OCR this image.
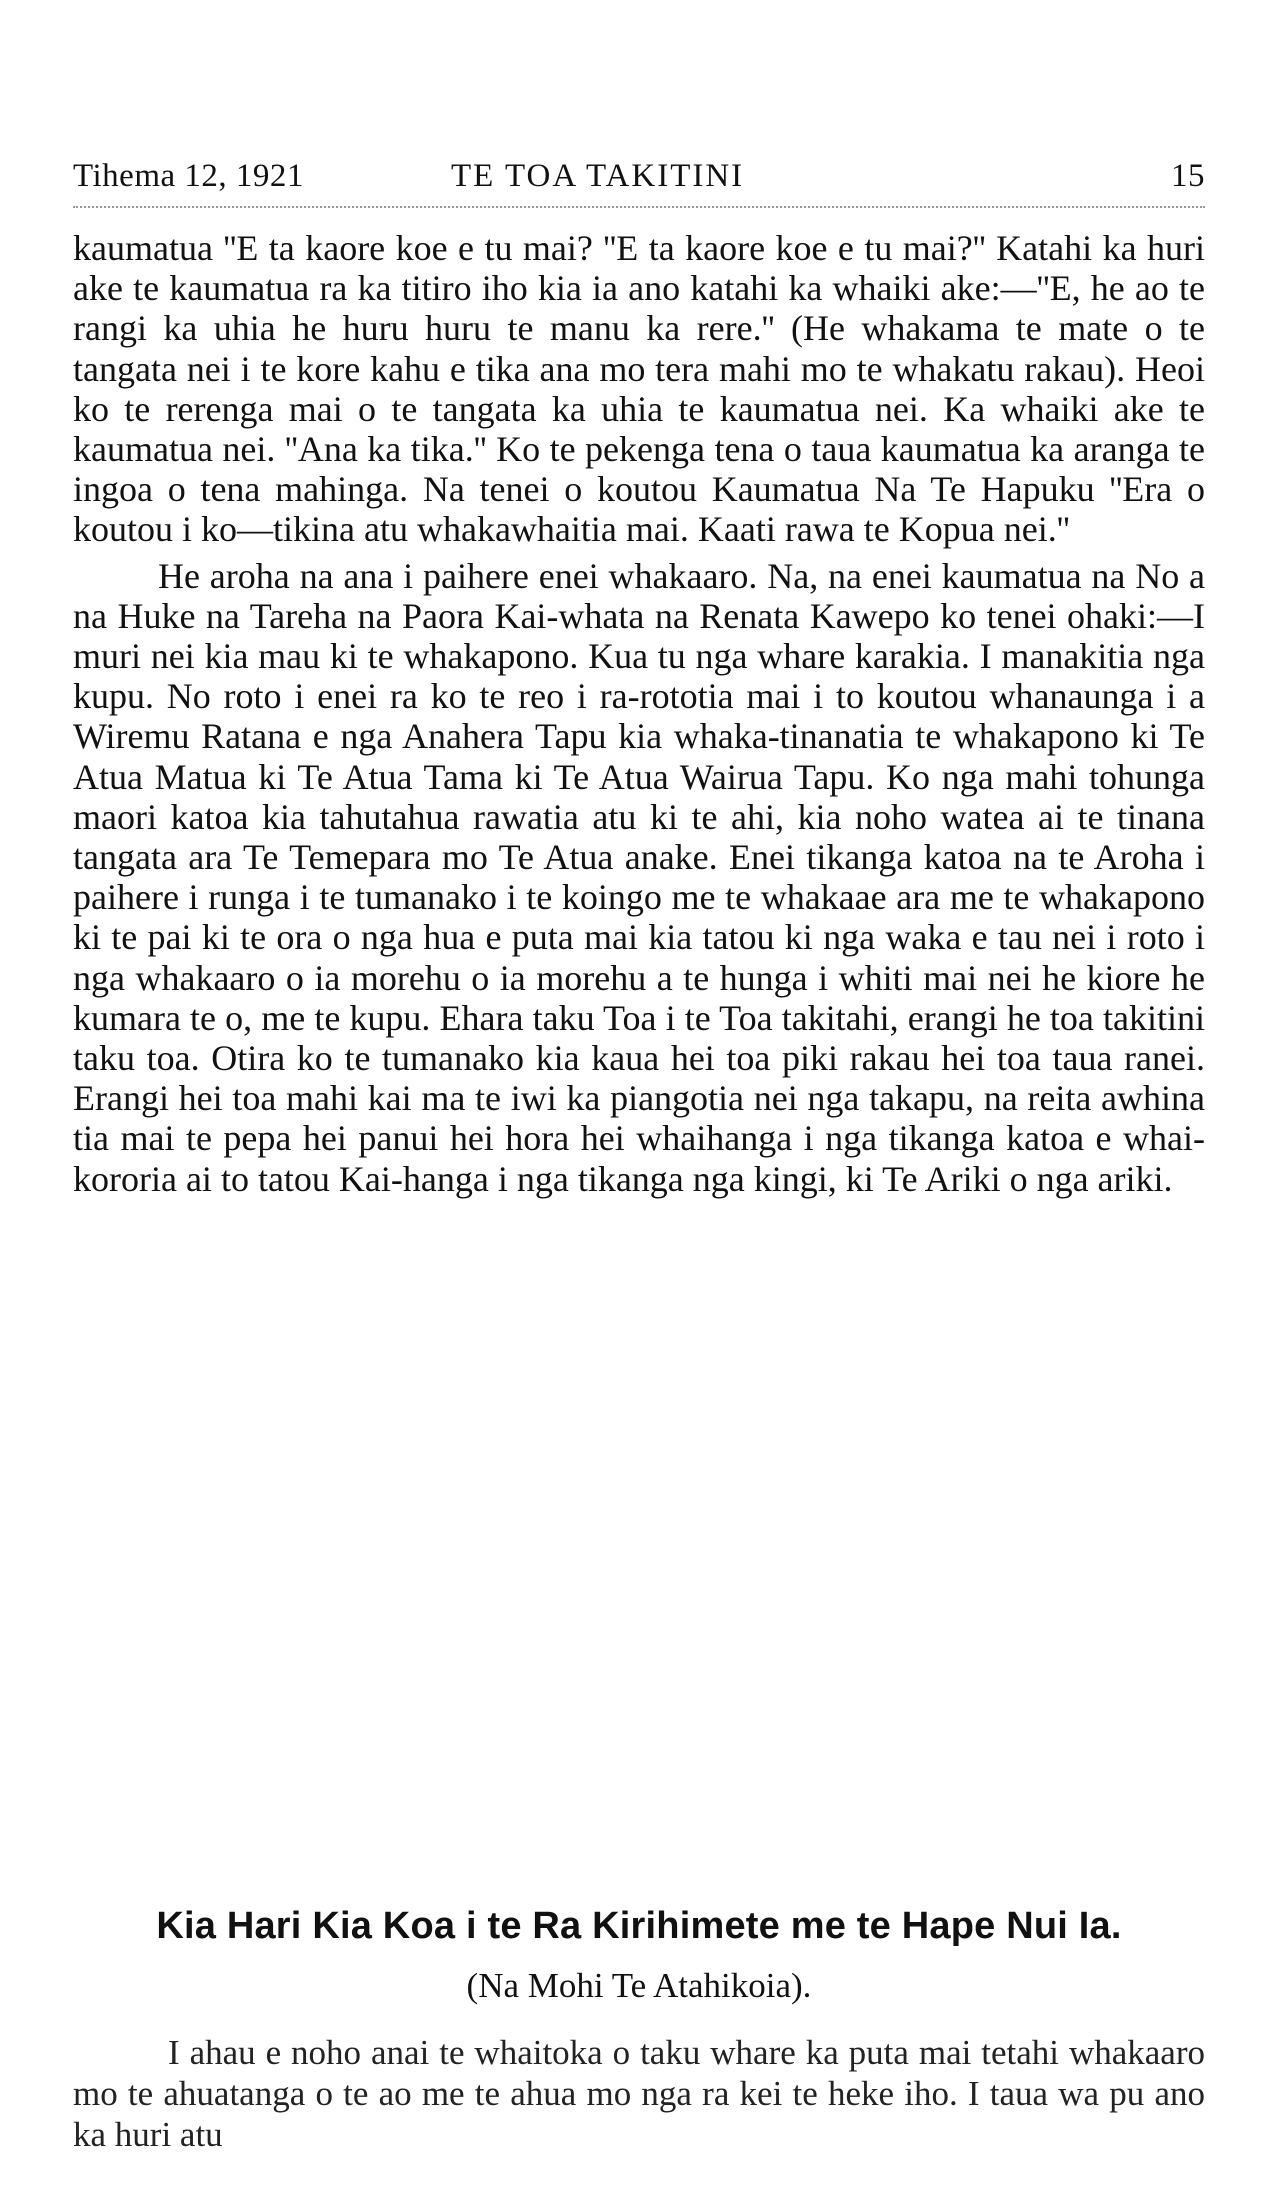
Tihema 12, 1921	TE TOA TAKITINI	15

kaumatua ''E ta kaore koe e tu mai? ''E ta kaore koe e tu mai?'' Katahi ka huri ake te kaumatua ra ka titiro iho kia ia ano katahi ka whaiki ake:—''E, he ao te rangi ka uhia he huru huru te manu ka rere.'' (He whakama te mate o te tangata nei i te kore kahu e tika ana mo tera mahi mo te whakatu rakau). Heoi ko te rerenga mai o te tangata ka uhia te kaumatua nei. Ka whaiki ake te kaumatua nei. ''Ana ka tika.'' Ko te pekenga tena o taua kaumatua ka aranga te ingoa o tena mahinga. Na tenei o koutou Kaumatua Na Te Hapuku ''Era o koutou i ko—tikina atu whakawhaitia mai. Kaati rawa te Kopua nei.''

He aroha na ana i paihere enei whakaaro. Na, na enei kaumatua na No a na Huke na Tareha na Paora Kai-whata na Renata Kawepo ko tenei ohaki:—I muri nei kia mau ki te whakapono. Kua tu nga whare karakia. I manakitia nga kupu. No roto i enei ra ko te reo i ra-rototia mai i to koutou whanaunga i a Wiremu Ratana e nga Anahera Tapu kia whaka-tinanatia te whakapono ki Te Atua Matua ki Te Atua Tama ki Te Atua Wairua Tapu. Ko nga mahi tohunga maori katoa kia tahutahua rawatia atu ki te ahi, kia noho watea ai te tinana tangata ara Te Temepara mo Te Atua anake. Enei tikanga katoa na te Aroha i paihere i runga i te tumanako i te koingo me te whakaae ara me te whakapono ki te pai ki te ora o nga hua e puta mai kia tatou ki nga waka e tau nei i roto i nga whakaaro o ia morehu o ia morehu a te hunga i whiti mai nei he kiore he kumara te o, me te kupu. Ehara taku Toa i te Toa takitahi, erangi he toa takitini taku toa. Otira ko te tumanako kia kaua hei toa piki rakau hei toa taua ranei. Erangi hei toa mahi kai ma te iwi ka piangotia nei nga takapu, na reita awhina tia mai te pepa hei panui hei hora hei whaihanga i nga tikanga katoa e whai-kororia ai to tatou Kai-hanga i nga tikanga nga kingi, ki Te Ariki o nga ariki.

Kia Hari Kia Koa i te Ra Kirihimete me te Hape Nui Ia.
(Na Mohi Te Atahikoia).

I ahau e noho anai te whaitoka o taku whare ka puta mai tetahi whakaaro mo te ahuatanga o te ao me te ahua mo nga ra kei te heke iho. I taua wa pu ano ka huri atu
